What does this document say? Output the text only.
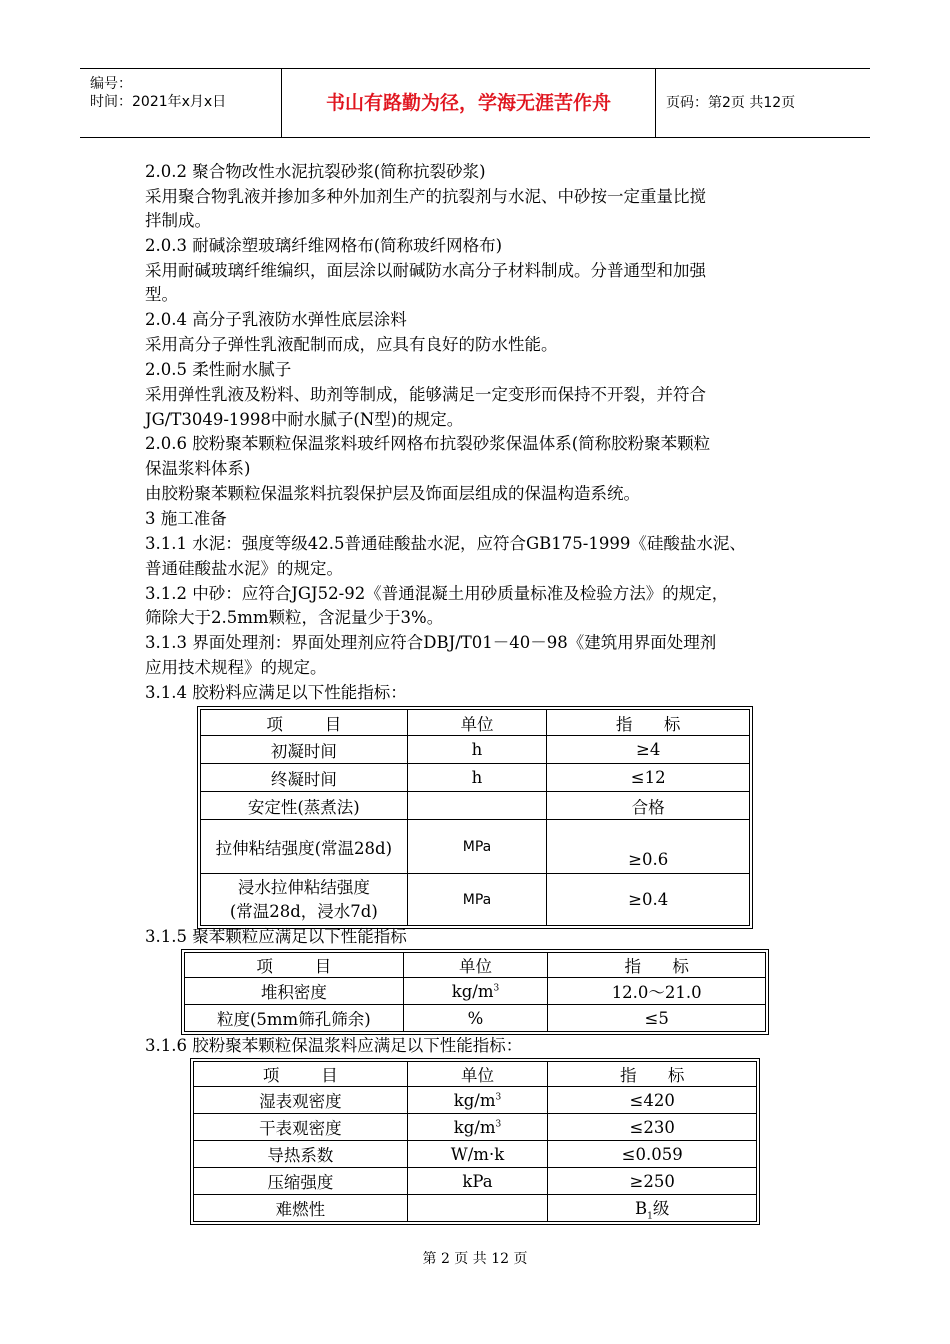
编号：
时间：2021年x月x日	书山有路勤为径，学海无涯苦作舟	页码：第2页 共12页
2.0.2 聚合物改性水泥抗裂砂浆(简称抗裂砂浆)
采用聚合物乳液并掺加多种外加剂生产的抗裂剂与水泥、中砂按一定重量比搅
拌制成。
2.0.3 耐碱涂塑玻璃纤维网格布(简称玻纤网格布)
采用耐碱玻璃纤维编织，面层涂以耐碱防水高分子材料制成。分普通型和加强
型。
2.0.4 高分子乳液防水弹性底层涂料
采用高分子弹性乳液配制而成，应具有良好的防水性能。
2.0.5 柔性耐水腻子
采用弹性乳液及粉料、助剂等制成，能够满足一定变形而保持不开裂，并符合
JG/T3049-1998中耐水腻子(N型)的规定。
2.0.6 胶粉聚苯颗粒保温浆料玻纤网格布抗裂砂浆保温体系(简称胶粉聚苯颗粒
保温浆料体系)
由胶粉聚苯颗粒保温浆料抗裂保护层及饰面层组成的保温构造系统。
3 施工准备
3.1.1 水泥：强度等级42.5普通硅酸盐水泥，应符合GB175-1999《硅酸盐水泥、
普通硅酸盐水泥》的规定。
3.1.2 中砂：应符合JGJ52-92《普通混凝土用砂质量标准及检验方法》的规定，
筛除大于2.5mm颗粒，含泥量少于3%。
3.1.3 界面处理剂：界面处理剂应符合DBJ/T01－40－98《建筑用界面处理剂
应用技术规程》的规定。
3.1.4 胶粉料应满足以下性能指标：
项        目	单位	指      标
初凝时间	h	≥4
终凝时间	h	≤12
安定性(蒸煮法)		合格
拉伸粘结强度(常温28d)	MPa	≥0.6

浸水拉伸粘结强度
(常温28d，浸水7d)	MPa	≥0.4
3.1.5 聚苯颗粒应满足以下性能指标
项        目	单位	指      标
堆积密度	$kg/m^3$	12.0～21.0
粒度(5mm筛孔筛余)	%	≤5
3.1.6 胶粉聚苯颗粒保温浆料应满足以下性能指标：
项        目	单位	指      标
湿表观密度	$kg/m^3$	≤420
干表观密度	$kg/m^3$	≤230
导热系数	W/m·k	≤0.059
压缩强度	kPa	≥250
难燃性		$B_1$级
第 2 页 共 12 页
